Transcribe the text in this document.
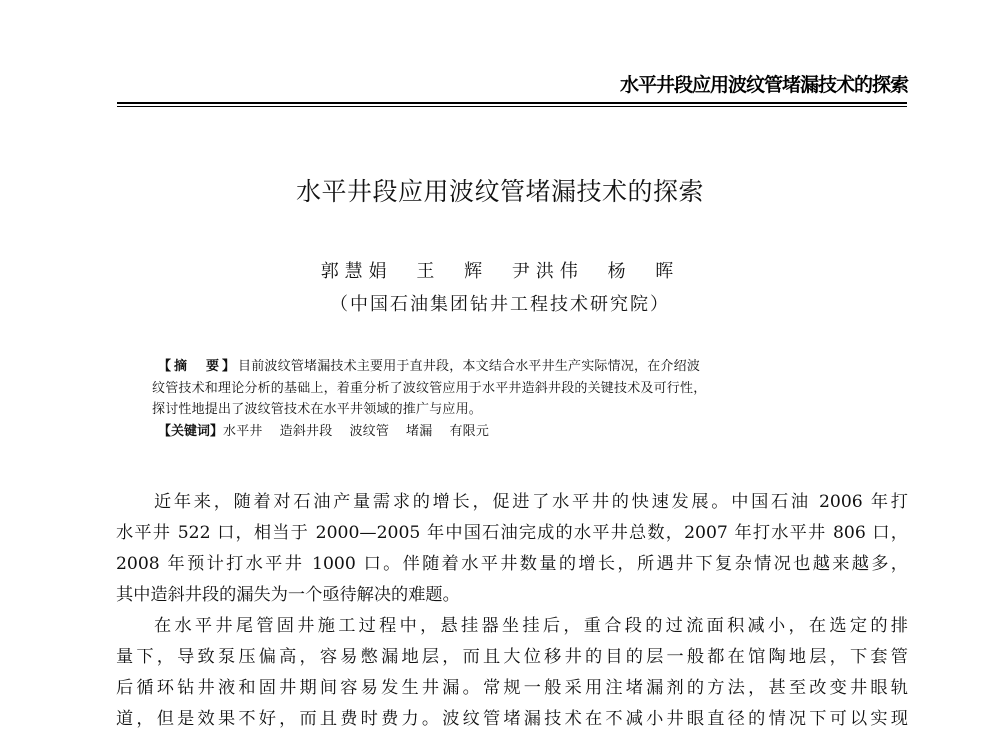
水平井段应用波纹管堵漏技术的探索
水平井段应用波纹管堵漏技术的探索
郭慧娟 王 辉 尹洪伟 杨 晖
（中国石油集团钻井工程技术研究院）
【摘　要】目前波纹管堵漏技术主要用于直井段，本文结合水平井生产实际情况，在介绍波
纹管技术和理论分析的基础上，着重分析了波纹管应用于水平井造斜井段的关键技术及可行性，
探讨性地提出了波纹管技术在水平井领域的推广与应用。
【关键词】水平井 造斜井段 波纹管 堵漏 有限元
近年来，随着对石油产量需求的增长，促进了水平井的快速发展。中国石油 2006 年打
水平井 522 口，相当于 2000—2005 年中国石油完成的水平井总数，2007 年打水平井 806 口，
2008 年预计打水平井 1000 口。伴随着水平井数量的增长，所遇井下复杂情况也越来越多，
其中造斜井段的漏失为一个亟待解决的难题。
在水平井尾管固井施工过程中，悬挂器坐挂后，重合段的过流面积减小，在选定的排
量下，导致泵压偏高，容易憋漏地层，而且大位移井的目的层一般都在馆陶地层，下套管
后循环钻井液和固井期间容易发生井漏。常规一般采用注堵漏剂的方法，甚至改变井眼轨
道，但是效果不好，而且费时费力。波纹管堵漏技术在不减小井眼直径的情况下可以实现
